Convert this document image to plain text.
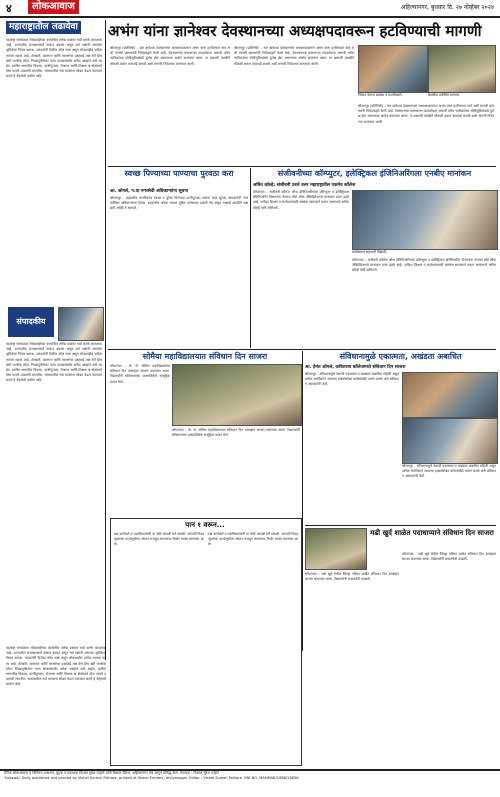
४	लोकआवाज	अहिल्यानगर, बुधवार दि. २७ नोव्हेंबर २०२४
अभंग यांना ज्ञानेश्वर देवस्थानच्या अध्यक्षपदावरून हटविण्याची मागणी
महाराष्ट्रातील लढायेवा
महाराष्ट्र जनादेशात लोकशाहीच्या कार्यातील अनेक प्रश्नांवर चर्चा करणे आवश्यक आहे. राज्यातील राजकारणाचे स्वरूप बदलत असून सर्व पक्षांनी आपल्या भूमिकेचा विचार करावा. मतदारांनी दिलेला कौल स्पष्ट असून लोकशाहीत प्रत्येक मताला महत्त्व आहे. शेतकरी, कामगार आणि तरुणांच्या प्रश्नांकडे लक्ष देणे हीच खरी जनसेवा ठरेल. निवडणुकीनंतर नव्या सरकारसमोर अनेक आव्हाने उभी आहेत. ग्रामीण भागातील विकास, पाणीपुरवठा, रोजगार आणि शिक्षण या क्षेत्रांमध्ये ठोस पावले उचलावी लागतील. समाजातील सर्व घटकांना सोबत घेऊन वाटचाल करणे हे नेतृत्वाचे कर्तव्य आहे.
संपादकीय
महाराष्ट्र जनादेशात लोकशाहीच्या कार्यातील अनेक प्रश्नांवर चर्चा करणे आवश्यक आहे. राज्यातील राजकारणाचे स्वरूप बदलत असून सर्व पक्षांनी आपल्या भूमिकेचा विचार करावा. मतदारांनी दिलेला कौल स्पष्ट असून लोकशाहीत प्रत्येक मताला महत्त्व आहे. शेतकरी, कामगार आणि तरुणांच्या प्रश्नांकडे लक्ष देणे हीच खरी जनसेवा ठरेल. निवडणुकीनंतर नव्या सरकारसमोर अनेक आव्हाने उभी आहेत. ग्रामीण भागातील विकास, पाणीपुरवठा, रोजगार आणि शिक्षण या क्षेत्रांमध्ये ठोस पावले उचलावी लागतील. समाजातील सर्व घटकांना सोबत घेऊन वाटचाल करणे हे नेतृत्वाचे कर्तव्य आहे.
श्रीरामपूर (प्रतिनिधी) – संत ज्ञानेश्वर देवस्थानच्या अध्यक्षपदावरून अभंग यांना हटविण्यात यावे अशी मागणी ग्रामस्थांनी निवेदनाद्वारे केली आहे. देवस्थानच्या कारभारात पारदर्शकता असावी तसेच भाविकांच्या सोयीसुविधांकडे दुर्लक्ष होत असल्याचा आरोप करण्यात आला. या प्रकरणी तातडीने चौकशी करून कारवाई करावी अशी मागणी निवेदनात करण्यात आली.
श्रीरामपूर (प्रतिनिधी) – संत ज्ञानेश्वर देवस्थानच्या अध्यक्षपदावरून अभंग यांना हटविण्यात यावे अशी मागणी ग्रामस्थांनी निवेदनाद्वारे केली आहे. देवस्थानच्या कारभारात पारदर्शकता असावी तसेच भाविकांच्या सोयीसुविधांकडे दुर्लक्ष होत असल्याचा आरोप करण्यात आला. या प्रकरणी तातडीने चौकशी करून कारवाई करावी अशी मागणी निवेदनात करण्यात आली.
निवेदन देताना ग्रामस्थ व पदाधिकारी.	बैठकीस उपस्थित मान्यवर.
श्रीरामपूर (प्रतिनिधी) – संत ज्ञानेश्वर देवस्थानच्या अध्यक्षपदावरून अभंग यांना हटविण्यात यावे अशी मागणी ग्रामस्थांनी निवेदनाद्वारे केली आहे. देवस्थानच्या कारभारात पारदर्शकता असावी तसेच भाविकांच्या सोयीसुविधांकडे दुर्लक्ष होत असल्याचा आरोप करण्यात आला. या प्रकरणी तातडीने चौकशी करून कारवाई करावी अशी मागणी निवेदनात करण्यात आली.
स्वच्छ पिण्याच्या पाण्याचा पुरवठा करा
आ. ओगले, ग.या नगरसेवी अधिकाऱ्यांना सूचना
श्रीरामपूर – शहरातील नागरिकांना स्वच्छ व पुरेसा पिण्याचा पाणीपुरवठा करावा अशा सूचना आमदारांनी नगरपालिका अधिकाऱ्यांना दिल्या. शहरातील अनेक भागात दूषित पाण्याच्या तक्रारी येत असून त्याकडे तातडीने लक्ष द्यावे असेही ते म्हणाले.
संजीवनीच्या कॉम्प्युटर, इलेक्ट्रिकल इंजिनिअरिंगला एनबीए मानांकन
अमित कोल्हे; संजीवनी ठरले उत्तर महाराष्ट्रातील एकमेव कॉलेज
कोपरगाव – संजीवनी कॉलेज ऑफ इंजिनिअरिंगच्या कॉम्प्युटर व इलेक्ट्रिकल इंजिनिअरिंग विभागांना नॅशनल बोर्ड ऑफ ॲक्रिडिटेशनचे मानांकन प्राप्त झाले आहे. दर्जेदार शिक्षण व संशोधनासाठी संस्थेचा सातत्याने प्रयत्न असल्याचे अमित कोल्हे यांनी सांगितले.
कार्यक्रमात सहभागी विद्यार्थी.
कोपरगाव – संजीवनी कॉलेज ऑफ इंजिनिअरिंगच्या कॉम्प्युटर व इलेक्ट्रिकल इंजिनिअरिंग विभागांना नॅशनल बोर्ड ऑफ ॲक्रिडिटेशनचे मानांकन प्राप्त झाले आहे. दर्जेदार शिक्षण व संशोधनासाठी संस्थेचा सातत्याने प्रयत्न असल्याचे अमित कोल्हे यांनी सांगितले.
सोमैया महाविद्यालयात संविधान दिन साजरा
कोपरगाव – के. जे. सोमैया महाविद्यालयात संविधान दिन उत्साहात साजरा करण्यात आला. विद्यार्थ्यांनी संविधानाच्या प्रास्ताविकेचे सामूहिक वाचन केले.
कोपरगाव – के. जे. सोमैया महाविद्यालयात संविधान दिन उत्साहात साजरा करण्यात आला. विद्यार्थ्यांनी संविधानाच्या प्रास्ताविकेचे सामूहिक वाचन केले.
संविधानामुळे एकात्मता, अखंडता अबाधित
आ. हेमंत ओगले, कविलराय कॉलेजमध्ये संविधान दिन साजरा
श्रीरामपूर – संविधानामुळे देशाची एकात्मता व अखंडता अबाधित राहिली असून प्रत्येक नागरिकाने आपल्या हक्कांसोबत कर्तव्यांचेही पालन करावे असे प्रतिपादन आमदारांनी केले.
श्रीरामपूर – संविधानामुळे देशाची एकात्मता व अखंडता अबाधित राहिली असून प्रत्येक नागरिकाने आपल्या हक्कांसोबत कर्तव्यांचेही पालन करावे असे प्रतिपादन आमदारांनी केले.
पान १ वरून...
पक्ष कार्यकर्ते व पदाधिकाऱ्यांनी या वेळी आपली मते मांडली. आगामी निवडणुकांच्या पार्श्वभूमीवर संघटन मजबूत करण्याचा निर्धार व्यक्त करण्यात आला.
पक्ष कार्यकर्ते व पदाधिकाऱ्यांनी या वेळी आपली मते मांडली. आगामी निवडणुकांच्या पार्श्वभूमीवर संघटन मजबूत करण्याचा निर्धार व्यक्त करण्यात आला.
महाराष्ट्र जनादेशात लोकशाहीच्या कार्यातील अनेक प्रश्नांवर चर्चा करणे आवश्यक आहे. राज्यातील राजकारणाचे स्वरूप बदलत असून सर्व पक्षांनी आपल्या भूमिकेचा विचार करावा. मतदारांनी दिलेला कौल स्पष्ट असून लोकशाहीत प्रत्येक मताला महत्त्व आहे. शेतकरी, कामगार आणि तरुणांच्या प्रश्नांकडे लक्ष देणे हीच खरी जनसेवा ठरेल. निवडणुकीनंतर नव्या सरकारसमोर अनेक आव्हाने उभी आहेत. ग्रामीण भागातील विकास, पाणीपुरवठा, रोजगार आणि शिक्षण या क्षेत्रांमध्ये ठोस पावले उचलावी लागतील. समाजातील सर्व घटकांना सोबत घेऊन वाटचाल करणे हे नेतृत्वाचे कर्तव्य आहे.
मढी खुर्द शाळेत पदाधाप्याने संविधान दिन साजरा
कोपरगाव – मढी खुर्द येथील जिल्हा परिषद शाळेत संविधान दिन उत्साहात साजरा करण्यात आला. विद्यार्थ्यांनी प्रभातफेरी काढली.
कोपरगाव – मढी खुर्द येथील जिल्हा परिषद शाळेत संविधान दिन उत्साहात साजरा करण्यात आला. विद्यार्थ्यांनी प्रभातफेरी काढली.
दैनिक लोकआवाज हे विनिमय प्रकाशन, मुद्रक व प्रकाशक विशाल सुरेश पल्हारे यांनी विशाल प्रिंटर्स, अहिल्यानगर येथे छापून प्रसिद्ध केले. संपादक : विशाल सुरेश पल्हारे.
'Lokawaj' Daily published and printed by Vishal Suresh Palhare, printed at Vishal Printers, Ahilyanagar. Editor : Vishal Suresh Palhare. RNI NO. MAHMAR/1988/28836
